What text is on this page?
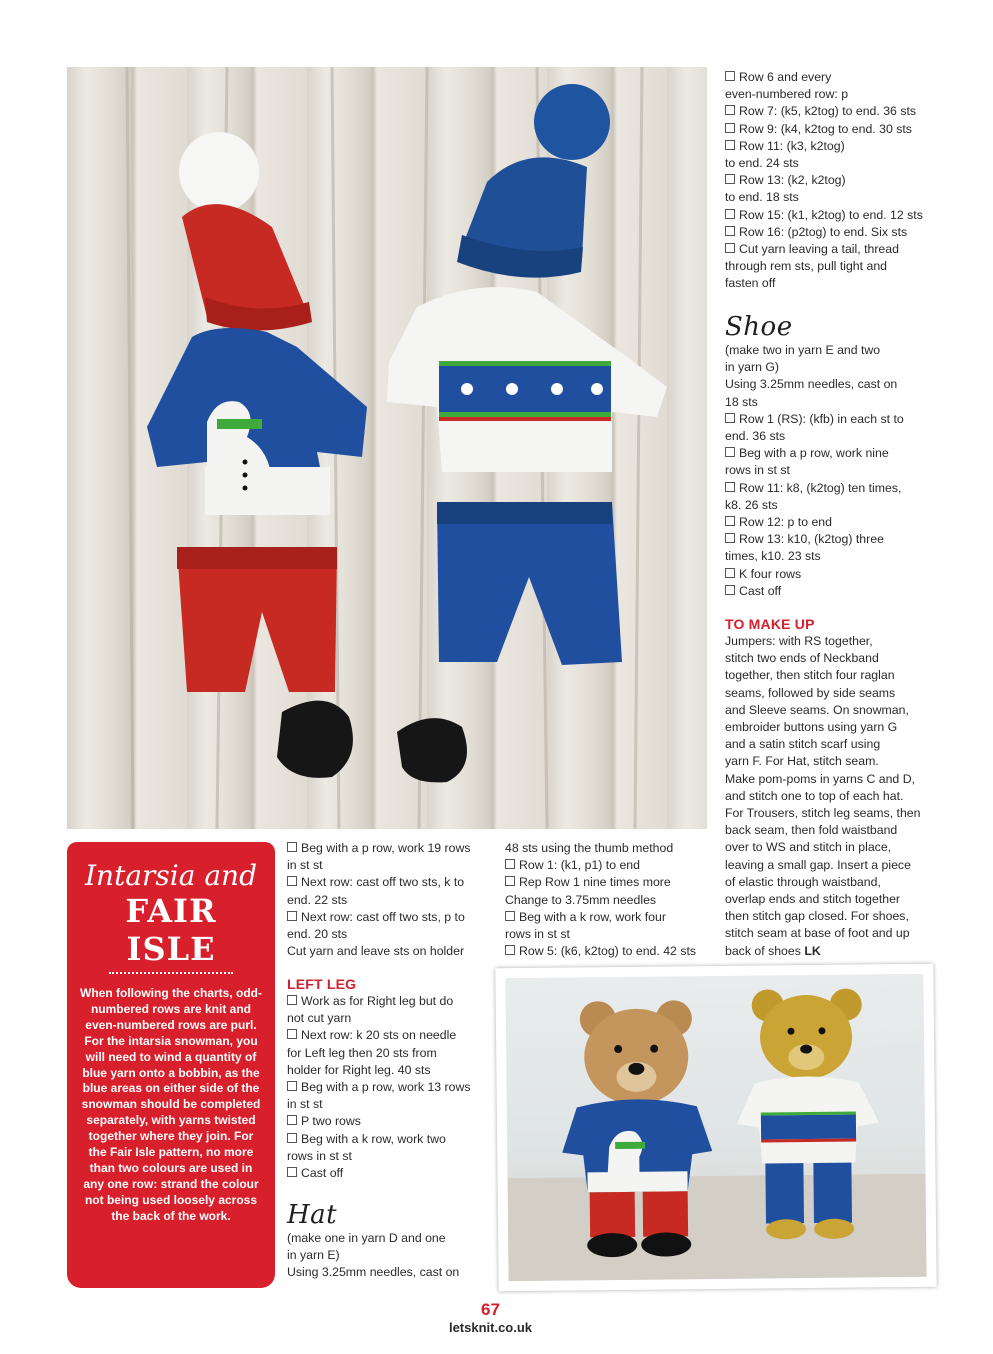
Row 6 and every

even-numbered row: p

Row 7: (k5, k2tog) to end. 36 sts

Row 9: (k4, k2tog to end. 30 sts

Row 11: (k3, k2tog)

to end. 24 sts

Row 13: (k2, k2tog)

to end. 18 sts

Row 15: (k1, k2tog) to end. 12 sts

Row 16: (p2tog) to end. Six sts

Cut yarn leaving a tail, thread

through rem sts, pull tight and

fasten off

Shoe

(make two in yarn E and two

in yarn G)

Using 3.25mm needles, cast on

18 sts

Row 1 (RS): (kfb) in each st to

end. 36 sts

Beg with a p row, work nine

rows in st st

Row 11: k8, (k2tog) ten times,

k8. 26 sts

Row 12: p to end

Row 13: k10, (k2tog) three

times, k10. 23 sts

K four rows

Cast off

TO MAKE UP

Jumpers: with RS together,

stitch two ends of Neckband

together, then stitch four raglan

seams, followed by side seams

and Sleeve seams. On snowman,

embroider buttons using yarn G

and a satin stitch scarf using

yarn F. For Hat, stitch seam.

Make pom-poms in yarns C and D,

and stitch one to top of each hat.

For Trousers, stitch leg seams, then

back seam, then fold waistband

over to WS and stitch in place,

leaving a small gap. Insert a piece

of elastic through waistband,

overlap ends and stitch together

then stitch gap closed. For shoes,

stitch seam at base of foot and up

back of shoes LK

Intarsia and
FAIR ISLE
When following the charts, odd-numbered rows are knit and even-numbered rows are purl. For the intarsia snowman, you will need to wind a quantity of blue yarn onto a bobbin, as the blue areas on either side of the snowman should be completed separately, with yarns twisted together where they join. For the Fair Isle pattern, no more than two colours are used in any one row: strand the colour not being used loosely across the back of the work.

Beg with a p row, work 19 rows

in st st

Next row: cast off two sts, k to

end. 22 sts

Next row: cast off two sts, p to

end. 20 sts

Cut yarn and leave sts on holder

LEFT LEG

Work as for Right leg but do

not cut yarn

Next row: k 20 sts on needle

for Left leg then 20 sts from

holder for Right leg. 40 sts

Beg with a p row, work 13 rows

in st st

P two rows

Beg with a k row, work two

rows in st st

Cast off

Hat

(make one in yarn D and one

in yarn E)

Using 3.25mm needles, cast on

48 sts using the thumb method

Row 1: (k1, p1) to end

Rep Row 1 nine times more

Change to 3.75mm needles

Beg with a k row, work four

rows in st st

Row 5: (k6, k2tog) to end. 42 sts

67
letsknit.co.uk
